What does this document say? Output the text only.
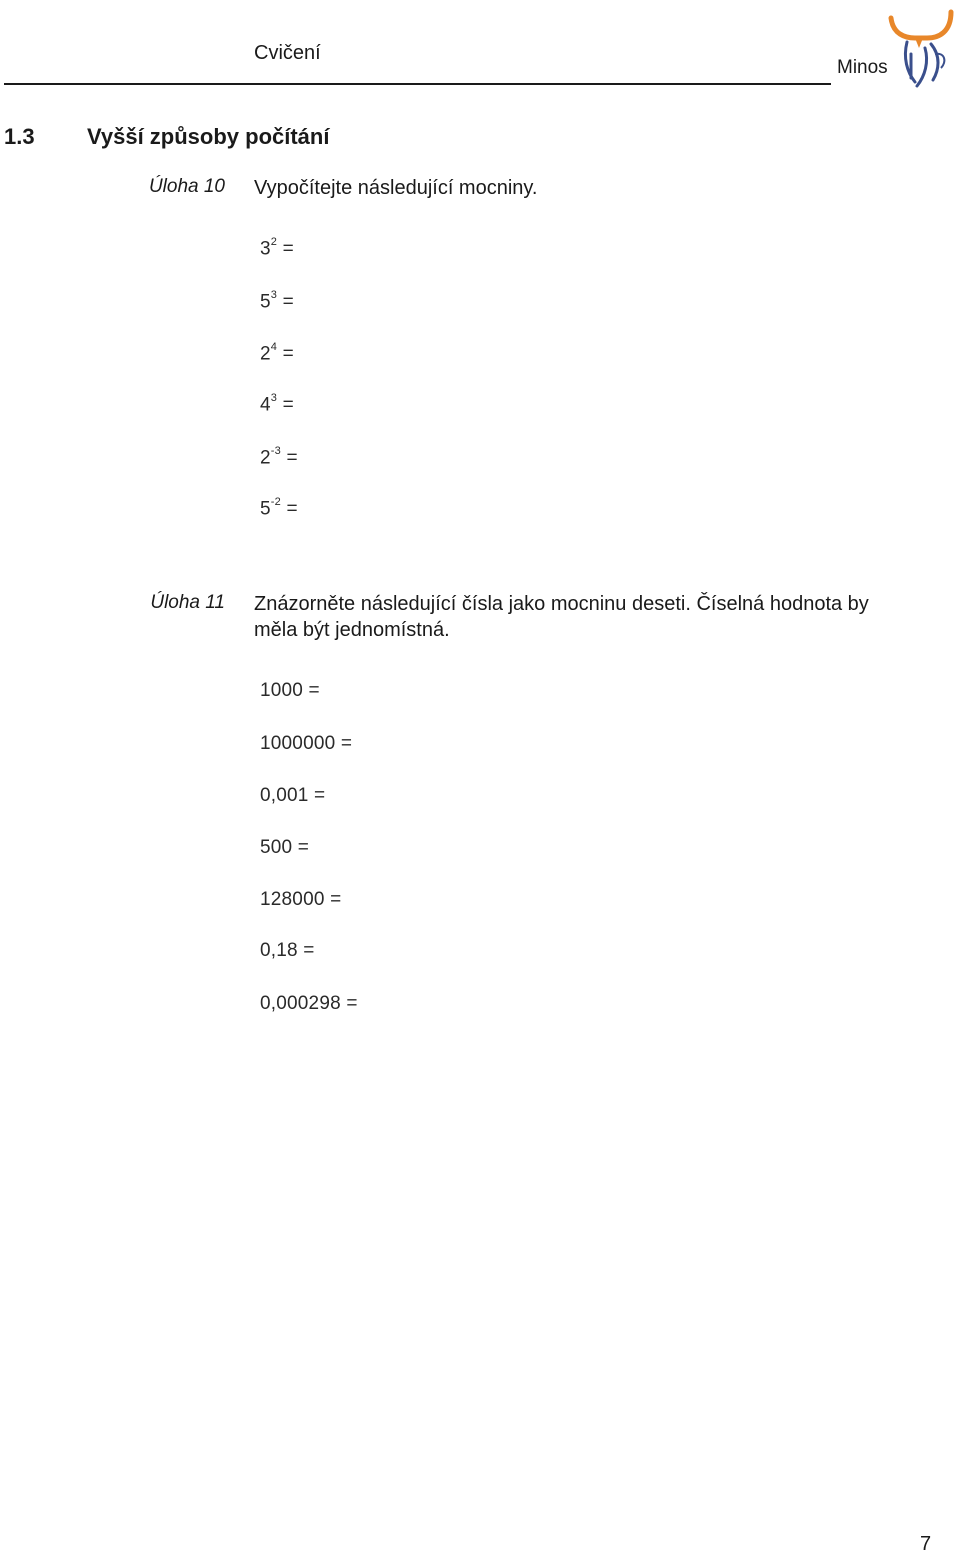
Cvičení
Minos
1.3 Vyšší způsoby počítání
Úloha 10 Vypočítejte následující mocniny.
$3^2$ =
$5^3$ =
$2^4$ =
$4^3$ =
$2^{-3}$ =
$5^{-2}$ =
Úloha 11 Znázorněte následující čísla jako mocninu deseti. Číselná hodnota by
měla být jednomístná.
1000 =
1000000 =
0,001 =
500 =
128000 =
0,18 =
0,000298 =
7
